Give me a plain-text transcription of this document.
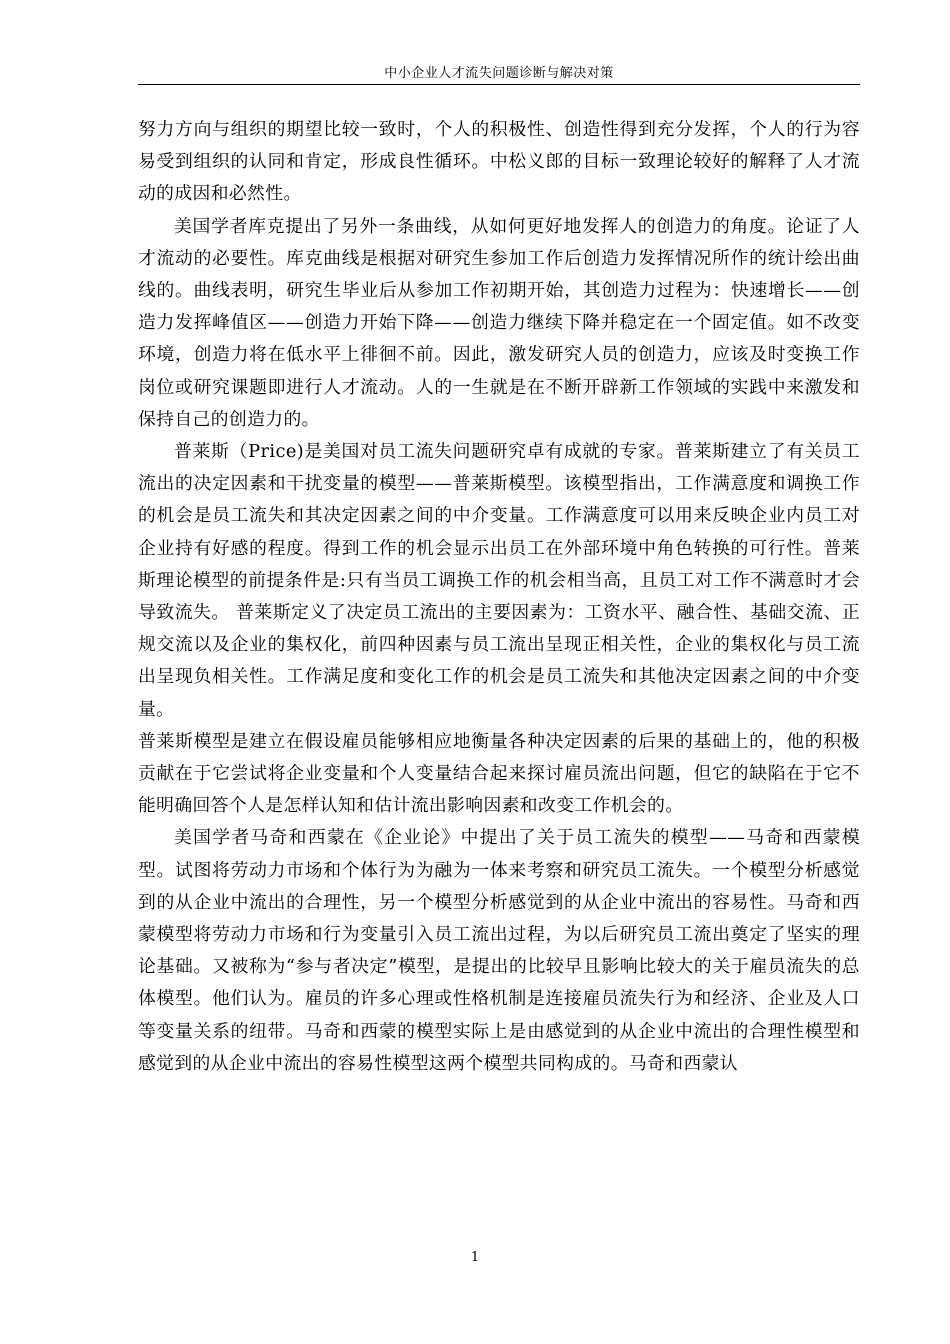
中小企业人才流失问题诊断与解决对策

努力方向与组织的期望比较一致时，个人的积极性、创造性得到充分发挥，个人的行为容易受到组织的认同和肯定，形成良性循环。中松义郎的目标一致理论较好的解释了人才流动的成因和必然性。

美国学者库克提出了另外一条曲线，从如何更好地发挥人的创造力的角度。论证了人才流动的必要性。库克曲线是根据对研究生参加工作后创造力发挥情况所作的统计绘出曲线的。曲线表明，研究生毕业后从参加工作初期开始，其创造力过程为：快速增长——创造力发挥峰值区——创造力开始下降——创造力继续下降并稳定在一个固定值。如不改变环境，创造力将在低水平上徘徊不前。因此，激发研究人员的创造力，应该及时变换工作岗位或研究课题即进行人才流动。人的一生就是在不断开辟新工作领域的实践中来激发和保持自己的创造力的。

普莱斯（Price)是美国对员工流失问题研究卓有成就的专家。普莱斯建立了有关员工流出的决定因素和干扰变量的模型——普莱斯模型。该模型指出，工作满意度和调换工作的机会是员工流失和其决定因素之间的中介变量。工作满意度可以用来反映企业内员工对企业持有好感的程度。得到工作的机会显示出员工在外部环境中角色转换的可行性。普莱斯理论模型的前提条件是:只有当员工调换工作的机会相当高，且员工对工作不满意时才会导致流失。 普莱斯定义了决定员工流出的主要因素为：工资水平、融合性、基础交流、正规交流以及企业的集权化，前四种因素与员工流出呈现正相关性，企业的集权化与员工流出呈现负相关性。工作满足度和变化工作的机会是员工流失和其他决定因素之间的中介变量。

普莱斯模型是建立在假设雇员能够相应地衡量各种决定因素的后果的基础上的，他的积极贡献在于它尝试将企业变量和个人变量结合起来探讨雇员流出问题，但它的缺陷在于它不能明确回答个人是怎样认知和估计流出影响因素和改变工作机会的。

美国学者马奇和西蒙在《企业论》中提出了关于员工流失的模型——马奇和西蒙模型。试图将劳动力市场和个体行为为融为一体来考察和研究员工流失。一个模型分析感觉到的从企业中流出的合理性，另一个模型分析感觉到的从企业中流出的容易性。马奇和西蒙模型将劳动力市场和行为变量引入员工流出过程，为以后研究员工流出奠定了坚实的理论基础。又被称为“参与者决定”模型，是提出的比较早且影响比较大的关于雇员流失的总体模型。他们认为。雇员的许多心理或性格机制是连接雇员流失行为和经济、企业及人口等变量关系的纽带。马奇和西蒙的模型实际上是由感觉到的从企业中流出的合理性模型和感觉到的从企业中流出的容易性模型这两个模型共同构成的。马奇和西蒙认

1
